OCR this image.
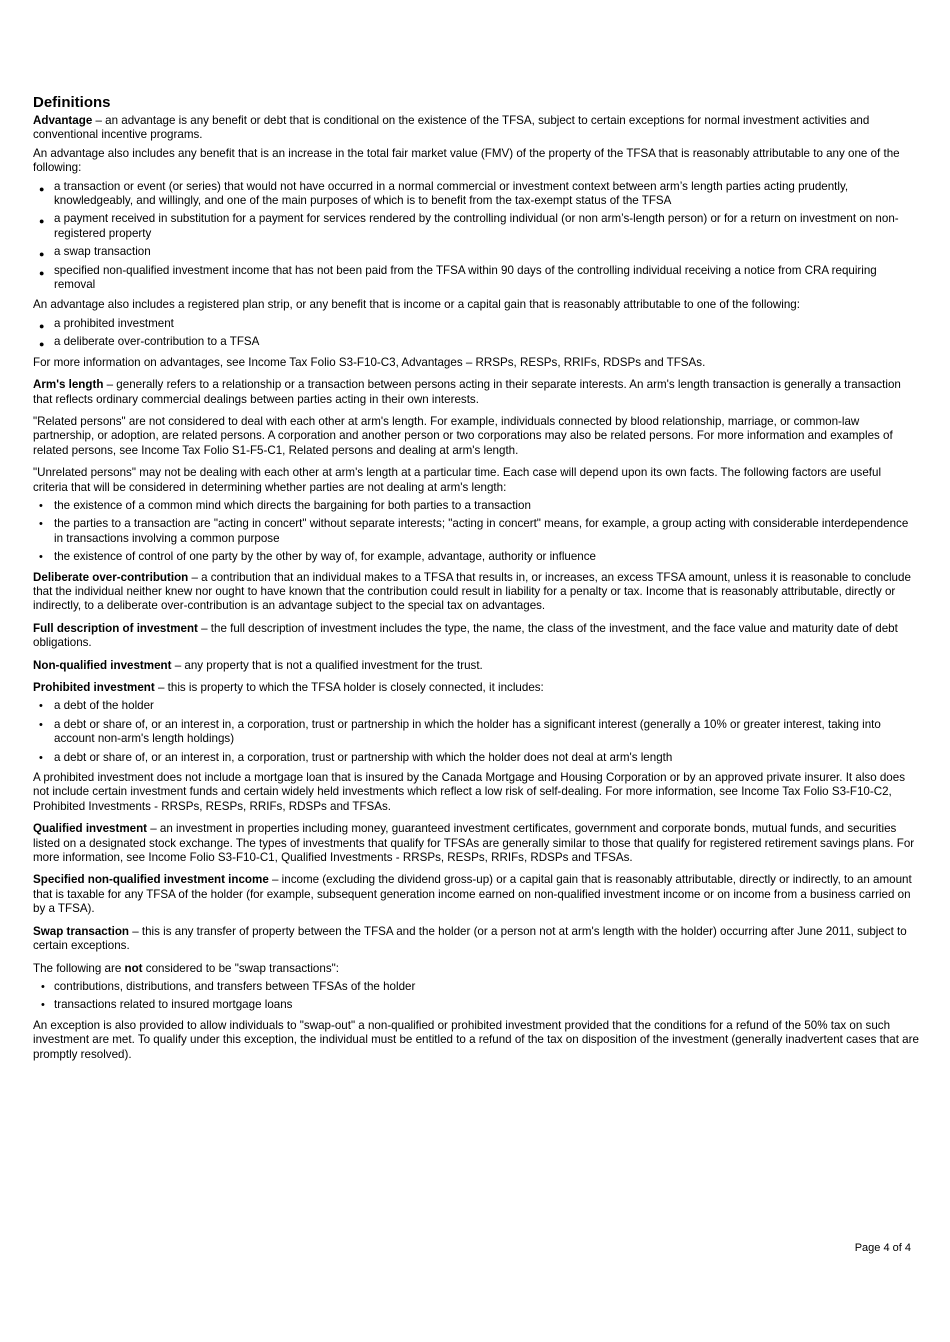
Definitions

Advantage – an advantage is any benefit or debt that is conditional on the existence of the TFSA, subject to certain exceptions for normal investment activities and conventional incentive programs.

An advantage also includes any benefit that is an increase in the total fair market value (FMV) of the property of the TFSA that is reasonably attributable to any one of the following:

● a transaction or event (or series) that would not have occurred in a normal commercial or investment context between arm’s length parties acting prudently, knowledgeably, and willingly, and one of the main purposes of which is to benefit from the tax-exempt status of the TFSA
● a payment received in substitution for a payment for services rendered by the controlling individual (or non arm’s-length person) or for a return on investment on non-registered property
● a swap transaction
● specified non-qualified investment income that has not been paid from the TFSA within 90 days of the controlling individual receiving a notice from CRA requiring removal

An advantage also includes a registered plan strip, or any benefit that is income or a capital gain that is reasonably attributable to one of the following:

● a prohibited investment
● a deliberate over-contribution to a TFSA

For more information on advantages, see Income Tax Folio S3-F10-C3, Advantages – RRSPs, RESPs, RRIFs, RDSPs and TFSAs.

Arm's length – generally refers to a relationship or a transaction between persons acting in their separate interests. An arm's length transaction is generally a transaction that reflects ordinary commercial dealings between parties acting in their own interests.

"Related persons" are not considered to deal with each other at arm's length. For example, individuals connected by blood relationship, marriage, or common-law partnership, or adoption, are related persons. A corporation and another person or two corporations may also be related persons. For more information and examples of related persons, see Income Tax Folio S1-F5-C1, Related persons and dealing at arm's length.

"Unrelated persons" may not be dealing with each other at arm's length at a particular time. Each case will depend upon its own facts. The following factors are useful criteria that will be considered in determining whether parties are not dealing at arm's length:

• the existence of a common mind which directs the bargaining for both parties to a transaction
• the parties to a transaction are "acting in concert" without separate interests; "acting in concert" means, for example, a group acting with considerable interdependence in transactions involving a common purpose
• the existence of control of one party by the other by way of, for example, advantage, authority or influence

Deliberate over-contribution – a contribution that an individual makes to a TFSA that results in, or increases, an excess TFSA amount, unless it is reasonable to conclude that the individual neither knew nor ought to have known that the contribution could result in liability for a penalty or tax. Income that is reasonably attributable, directly or indirectly, to a deliberate over-contribution is an advantage subject to the special tax on advantages.

Full description of investment – the full description of investment includes the type, the name, the class of the investment, and the face value and maturity date of debt obligations.

Non-qualified investment – any property that is not a qualified investment for the trust.

Prohibited investment – this is property to which the TFSA holder is closely connected, it includes:

• a debt of the holder
• a debt or share of, or an interest in, a corporation, trust or partnership in which the holder has a significant interest (generally a 10% or greater interest, taking into account non-arm's length holdings)
• a debt or share of, or an interest in, a corporation, trust or partnership with which the holder does not deal at arm's length

A prohibited investment does not include a mortgage loan that is insured by the Canada Mortgage and Housing Corporation or by an approved private insurer. It also does not include certain investment funds and certain widely held investments which reflect a low risk of self-dealing. For more information, see Income Tax Folio S3-F10-C2, Prohibited Investments - RRSPs, RESPs, RRIFs, RDSPs and TFSAs.

Qualified investment – an investment in properties including money, guaranteed investment certificates, government and corporate bonds, mutual funds, and securities listed on a designated stock exchange. The types of investments that qualify for TFSAs are generally similar to those that qualify for registered retirement savings plans. For more information, see Income Folio S3-F10-C1, Qualified Investments - RRSPs, RESPs, RRIFs, RDSPs and TFSAs.

Specified non-qualified investment income – income (excluding the dividend gross-up) or a capital gain that is reasonably attributable, directly or indirectly, to an amount that is taxable for any TFSA of the holder (for example, subsequent generation income earned on non-qualified investment income or on income from a business carried on by a TFSA).

Swap transaction – this is any transfer of property between the TFSA and the holder (or a person not at arm's length with the holder) occurring after June 2011, subject to certain exceptions.

The following are not considered to be "swap transactions":

• contributions, distributions, and transfers between TFSAs of the holder
• transactions related to insured mortgage loans

An exception is also provided to allow individuals to "swap-out" a non-qualified or prohibited investment provided that the conditions for a refund of the 50% tax on such investment are met. To qualify under this exception, the individual must be entitled to a refund of the tax on disposition of the investment (generally inadvertent cases that are promptly resolved).

Page 4 of 4
